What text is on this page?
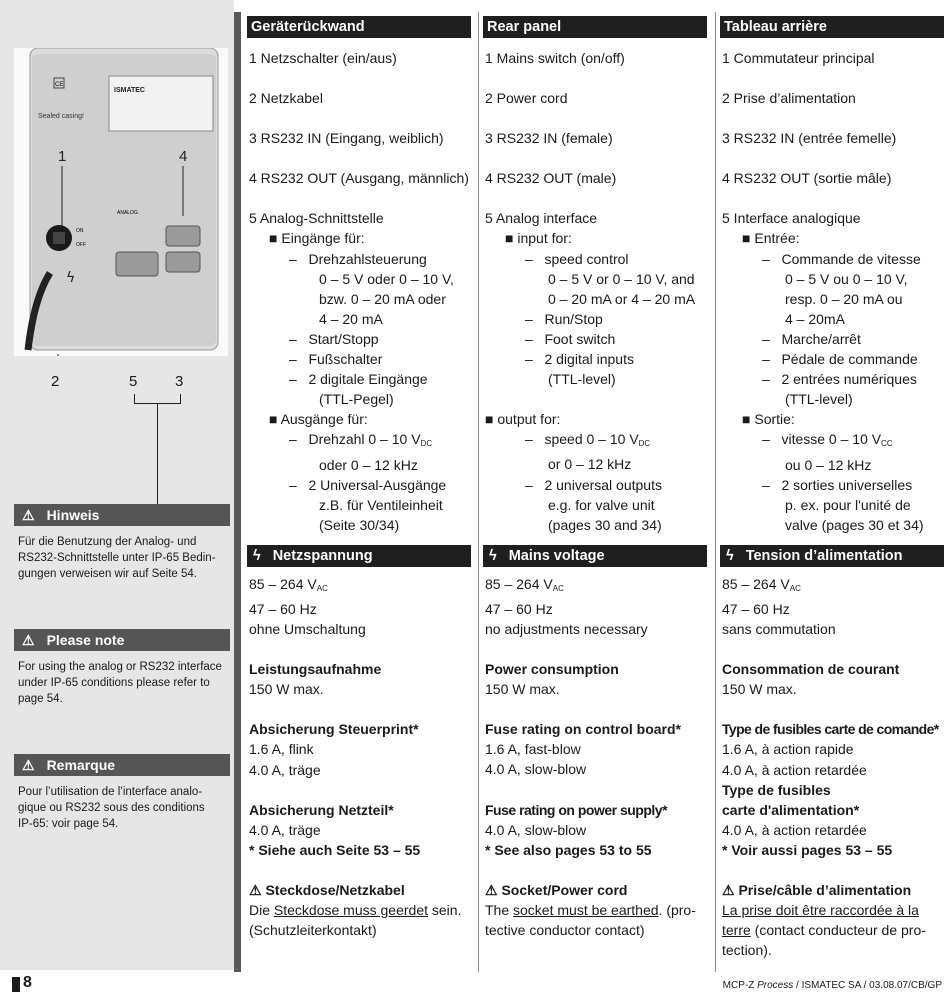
ISMATEC
CE
Sealed casing!
1	4
ON
OFF
ANALOG
ϟ
2	5	3
⚠ Hinweis
Für die Benutzung der Analog- und
RS232-Schnittstelle unter IP-65 Bedin-
gungen verweisen wir auf Seite 54.
⚠ Please note
For using the analog or RS232 interface
under IP-65 conditions please refer to
page 54.
⚠ Remarque
Pour l’utilisation de l’interface analo-
gique ou RS232 sous des conditions
IP-65: voir page 54.
Geräterückwand
1 Netzschalter (ein/aus)
2 Netzkabel
3 RS232 IN (Eingang, weiblich)
4 RS232 OUT (Ausgang, männlich)
5 Analog-Schnittstelle
■ Eingänge für:
–   Drehzahlsteuerung
0 – 5 V oder 0 – 10 V,
bzw. 0 – 20 mA oder
4 – 20 mA
–   Start/Stopp
–   Fußschalter
–   2 digitale Eingänge
(TTL-Pegel)
■ Ausgänge für:
–   Drehzahl 0 – 10 $V_{DC}$
oder 0 – 12 kHz
–   2 Universal-Ausgänge
z.B. für Ventileinheit
(Seite 30/34)
ϟ Netzspannung
85 – 264 $V_{AC}$
47 – 60 Hz
ohne Umschaltung
Leistungsaufnahme
150 W max.
Absicherung Steuerprint*
1.6 A, flink
4.0 A, träge
Absicherung Netzteil*
4.0 A, träge
* Siehe auch Seite 53 – 55
⚠ Steckdose/Netzkabel
Die Steckdose muss geerdet sein.
(Schutzleiterkontakt)
Rear panel
1 Mains switch (on/off)
2 Power cord
3 RS232 IN (female)
4 RS232 OUT (male)
5 Analog interface
■ input for:
–   speed control
0 – 5 V or 0 – 10 V, and
0 – 20 mA or 4 – 20 mA
–   Run/Stop
–   Foot switch
–   2 digital inputs
(TTL-level)
■ output for:
–   speed 0 – 10 $V_{DC}$
or 0 – 12 kHz
–   2 universal outputs
e.g. for valve unit
(pages 30 and 34)
ϟ Mains voltage
85 – 264 $V_{AC}$
47 – 60 Hz
no adjustments necessary
Power consumption
150 W max.
Fuse rating on control board*
1.6 A, fast-blow
4.0 A, slow-blow
Fuse rating on power supply*
4.0 A, slow-blow
* See also pages 53 to 55
⚠ Socket/Power cord
The socket must be earthed. (pro-
tective conductor contact)
Tableau arrière
1 Commutateur principal
2 Prise d’alimentation
3 RS232 IN (entrée femelle)
4 RS232 OUT (sortie mâle)
5 Interface analogique
■ Entrée:
–   Commande de vitesse
0 – 5 V ou 0 – 10 V,
resp. 0 – 20 mA ou
4 – 20mA
–   Marche/arrêt
–   Pédale de commande
–   2 entrées numériques
(TTL-level)
■ Sortie:
–   vitesse 0 – 10 $V_{CC}$
ou 0 – 12 kHz
–   2 sorties universelles
p. ex. pour l'unité de
valve (pages 30 et 34)
ϟ Tension d’alimentation
85 – 264 $V_{AC}$
47 – 60 Hz
sans commutation
Consommation de courant
150 W max.
Type de fusibles carte de comande*
1.6 A, à action rapide
4.0 A, à action retardée
Type de fusibles
carte d'alimentation*
4.0 A, à action retardée
* Voir aussi pages 53 – 55
⚠ Prise/câble d’alimentation
La prise doit être raccordée à la
terre (contact conducteur de pro-
tection).
8	MCP-Z Process / ISMATEC SA / 03.08.07/CB/GP
